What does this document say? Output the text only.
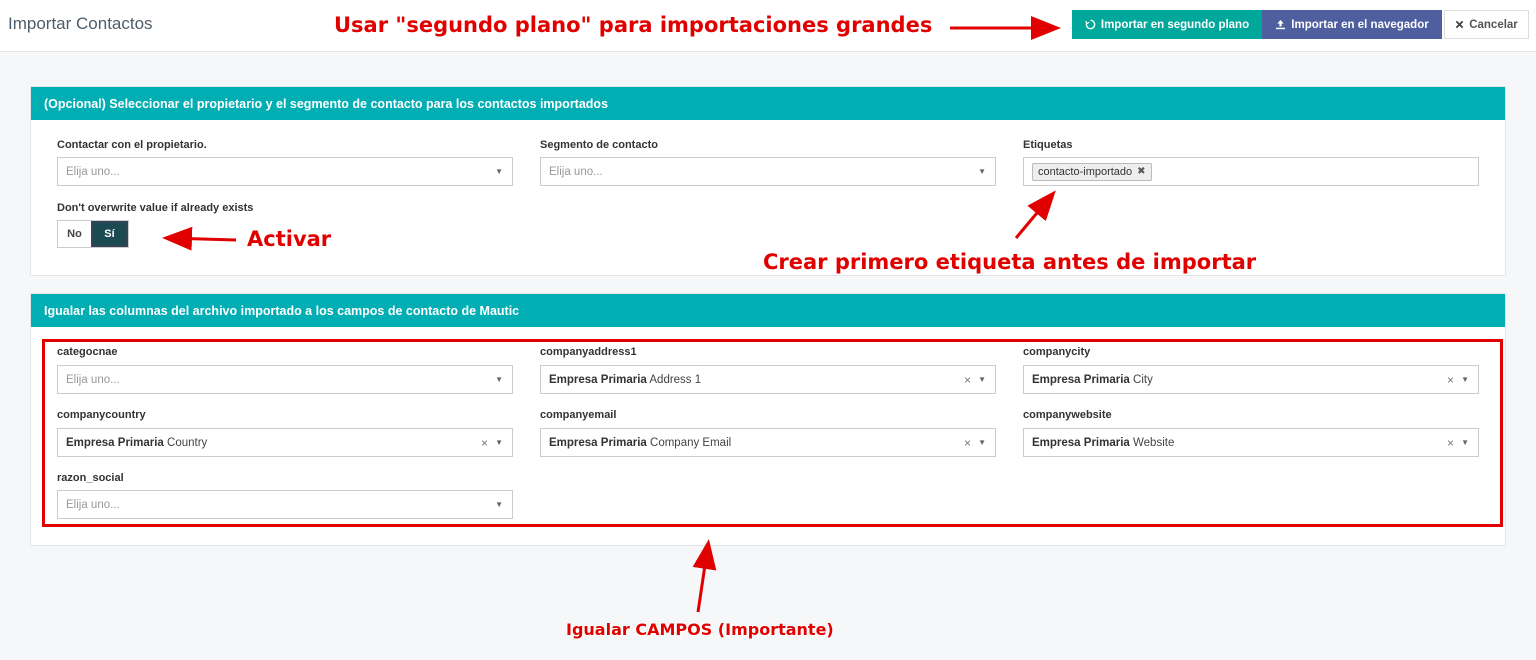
Importar Contactos	Importar en segundo plano	Importar en el navegador	Cancelar
(Opcional) Seleccionar el propietario y el segmento de contacto para los contactos importados
Contactar con el propietario.
Elija uno...	▼
Segmento de contacto
Elija uno...	▼
Etiquetas
contacto-importado ✖
Don't overwrite value if already exists
No	Sí
Igualar las columnas del archivo importado a los campos de contacto de Mautic
categocnae
Elija uno...	▼
companyaddress1
Empresa Primaria Address 1	× ▼
companycity
Empresa Primaria City	× ▼
companycountry
Empresa Primaria Country	× ▼
companyemail
Empresa Primaria Company Email	× ▼
companywebsite
Empresa Primaria Website	× ▼
razon_social
Elija uno...	▼
Usar "segundo plano" para importaciones grandes
Activar
Crear primero etiqueta antes de importar
Igualar CAMPOS (Importante)
